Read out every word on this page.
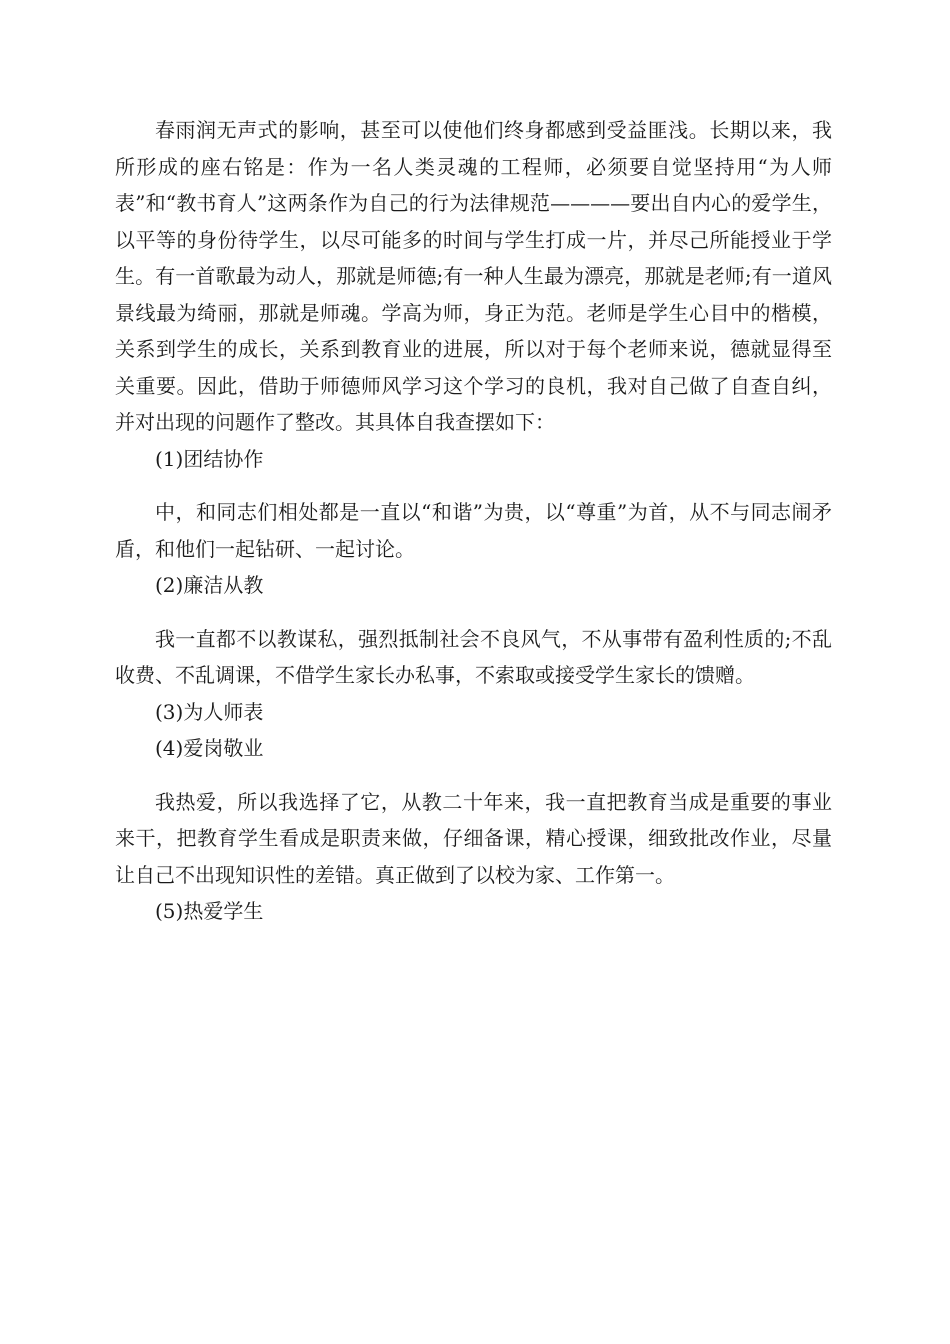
春雨润无声式的影响，甚至可以使他们终身都感到受益匪浅。长期以来，我所形成的座右铭是：作为一名人类灵魂的工程师，必须要自觉坚持用“为人师表”和“教书育人”这两条作为自己的行为法律规范————要出自内心的爱学生，以平等的身份待学生，以尽可能多的时间与学生打成一片，并尽己所能授业于学生。有一首歌最为动人，那就是师德;有一种人生最为漂亮，那就是老师;有一道风景线最为绮丽，那就是师魂。学高为师，身正为范。老师是学生心目中的楷模，关系到学生的成长，关系到教育业的进展，所以对于每个老师来说，德就显得至关重要。因此，借助于师德师风学习这个学习的良机，我对自己做了自查自纠，并对出现的问题作了整改。其具体自我查摆如下：

(1)团结协作

中，和同志们相处都是一直以“和谐”为贵，以“尊重”为首，从不与同志闹矛盾，和他们一起钻研、一起讨论。

(2)廉洁从教

我一直都不以教谋私，强烈抵制社会不良风气，不从事带有盈利性质的;不乱收费、不乱调课，不借学生家长办私事，不索取或接受学生家长的馈赠。

(3)为人师表

(4)爱岗敬业

我热爱，所以我选择了它，从教二十年来，我一直把教育当成是重要的事业来干，把教育学生看成是职责来做，仔细备课，精心授课，细致批改作业，尽量让自己不出现知识性的差错。真正做到了以校为家、工作第一。

(5)热爱学生
